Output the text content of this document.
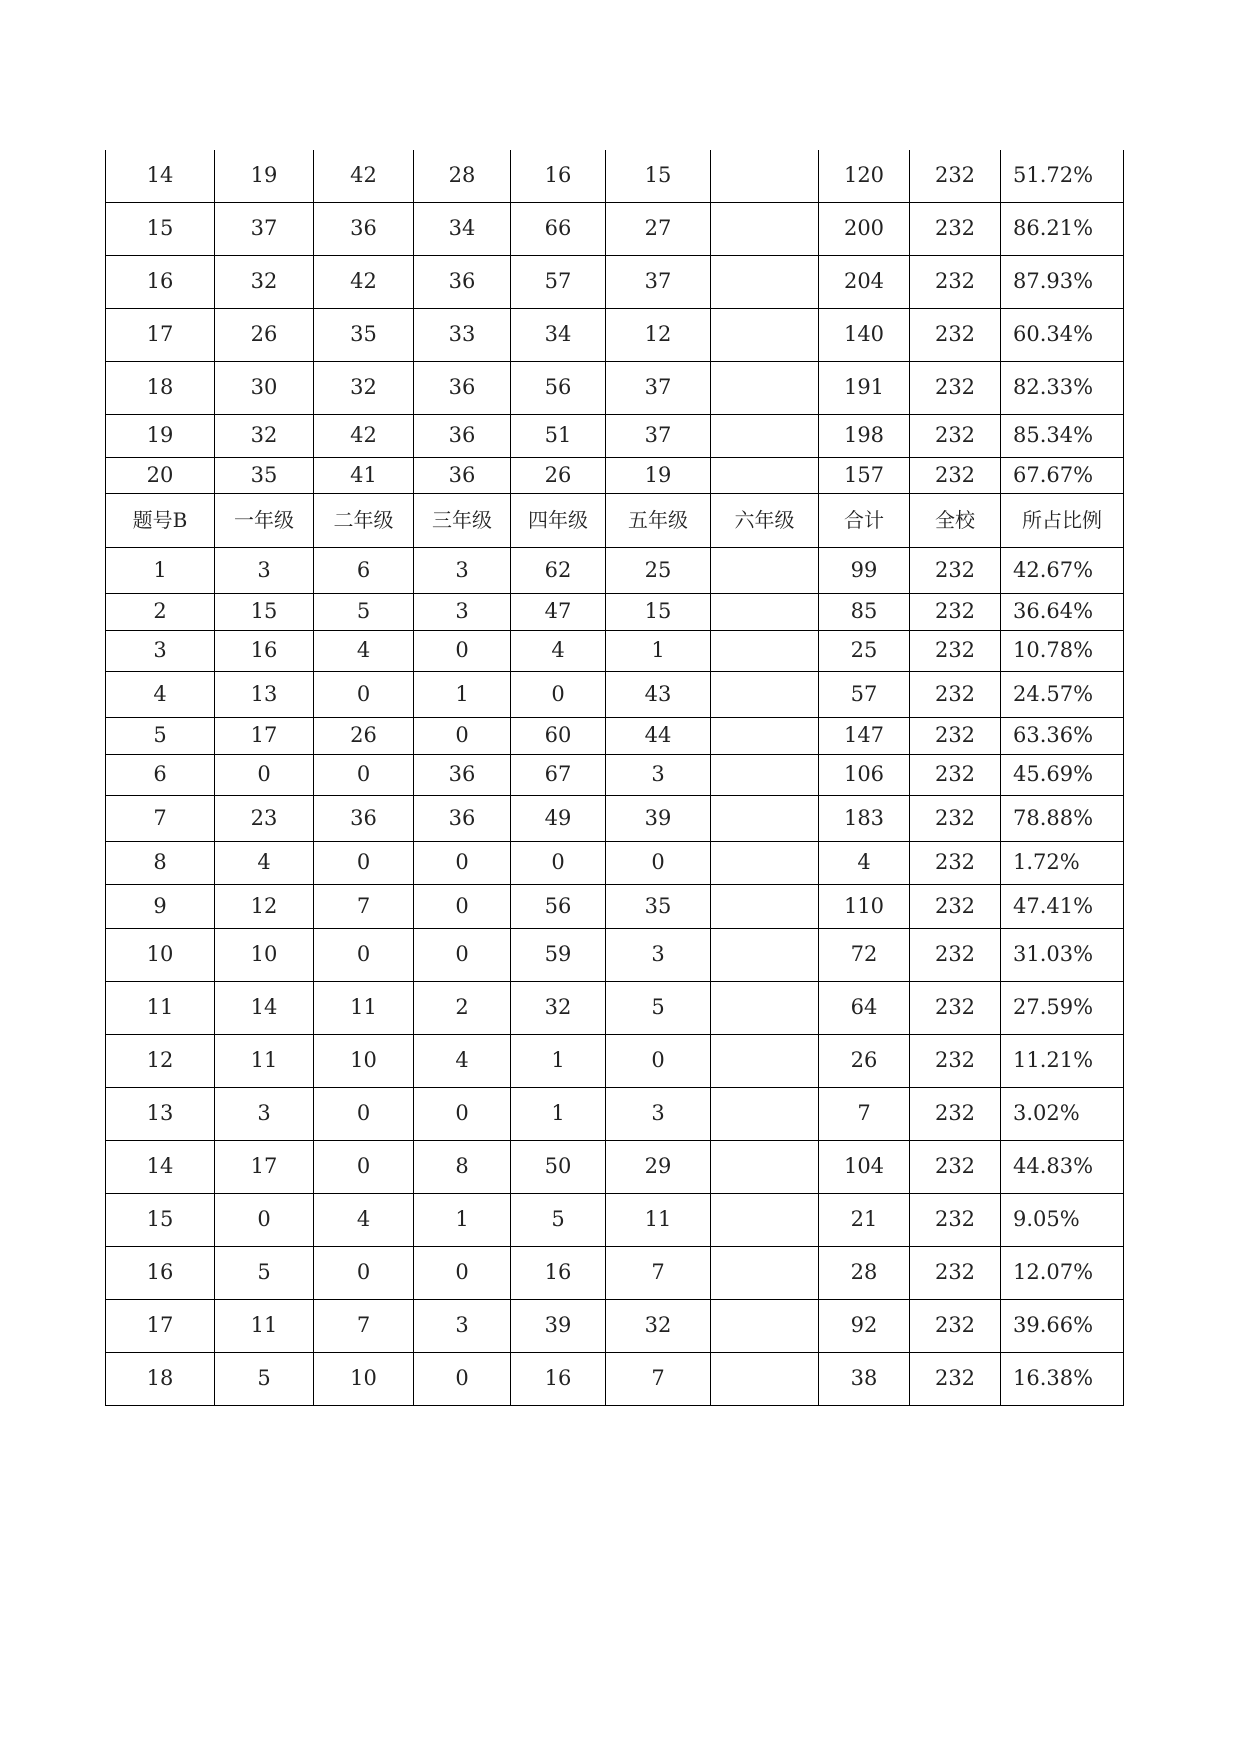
14	19	42	28	16	15		120	232	51.72%
15	37	36	34	66	27		200	232	86.21%
16	32	42	36	57	37		204	232	87.93%
17	26	35	33	34	12		140	232	60.34%
18	30	32	36	56	37		191	232	82.33%
19	32	42	36	51	37		198	232	85.34%
20	35	41	36	26	19		157	232	67.67%
题号B	一年级	二年级	三年级	四年级	五年级	六年级	合计	全校	所占比例
1	3	6	3	62	25		99	232	42.67%
2	15	5	3	47	15		85	232	36.64%
3	16	4	0	4	1		25	232	10.78%
4	13	0	1	0	43		57	232	24.57%
5	17	26	0	60	44		147	232	63.36%
6	0	0	36	67	3		106	232	45.69%
7	23	36	36	49	39		183	232	78.88%
8	4	0	0	0	0		4	232	1.72%
9	12	7	0	56	35		110	232	47.41%
10	10	0	0	59	3		72	232	31.03%
11	14	11	2	32	5		64	232	27.59%
12	11	10	4	1	0		26	232	11.21%
13	3	0	0	1	3		7	232	3.02%
14	17	0	8	50	29		104	232	44.83%
15	0	4	1	5	11		21	232	9.05%
16	5	0	0	16	7		28	232	12.07%
17	11	7	3	39	32		92	232	39.66%
18	5	10	0	16	7		38	232	16.38%
